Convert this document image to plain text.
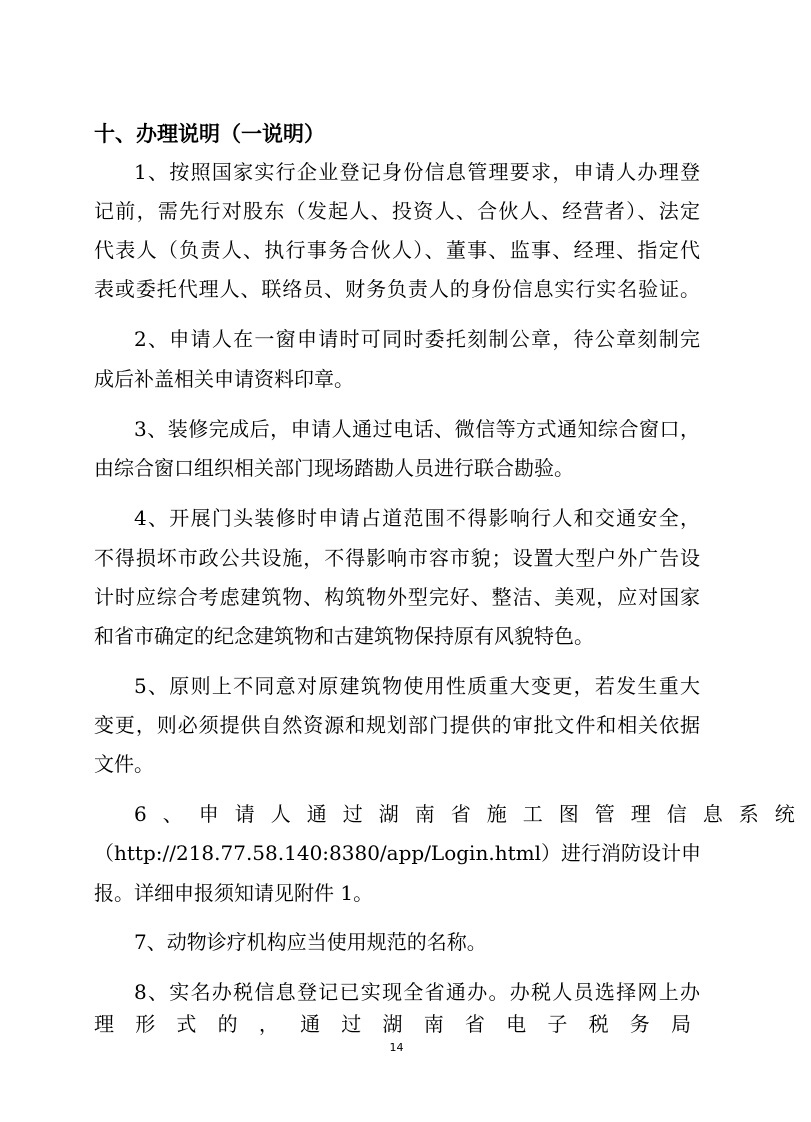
十、办理说明（一说明）
1、按照国家实行企业登记身份信息管理要求，申请人办理登
记前，需先行对股东（发起人、投资人、合伙人、经营者）、法定
代表人（负责人、执行事务合伙人）、董事、监事、经理、指定代
表或委托代理人、联络员、财务负责人的身份信息实行实名验证。
2、申请人在一窗申请时可同时委托刻制公章，待公章刻制完
成后补盖相关申请资料印章。
3、装修完成后，申请人通过电话、微信等方式通知综合窗口，
由综合窗口组织相关部门现场踏勘人员进行联合勘验。
4、开展门头装修时申请占道范围不得影响行人和交通安全，
不得损坏市政公共设施，不得影响市容市貌；设置大型户外广告设
计时应综合考虑建筑物、构筑物外型完好、整洁、美观，应对国家
和省市确定的纪念建筑物和古建筑物保持原有风貌特色。
5、原则上不同意对原建筑物使用性质重大变更，若发生重大
变更，则必须提供自然资源和规划部门提供的审批文件和相关依据
文件。
6、申请人通过湖南省施工图管理信息系统
（http://218.77.58.140:8380/app/Login.html）进行消防设计申
报。详细申报须知请见附件 1。
7、动物诊疗机构应当使用规范的名称。
8、实名办税信息登记已实现全省通办。办税人员选择网上办
理形式的，通过湖南省电子税务局
14
